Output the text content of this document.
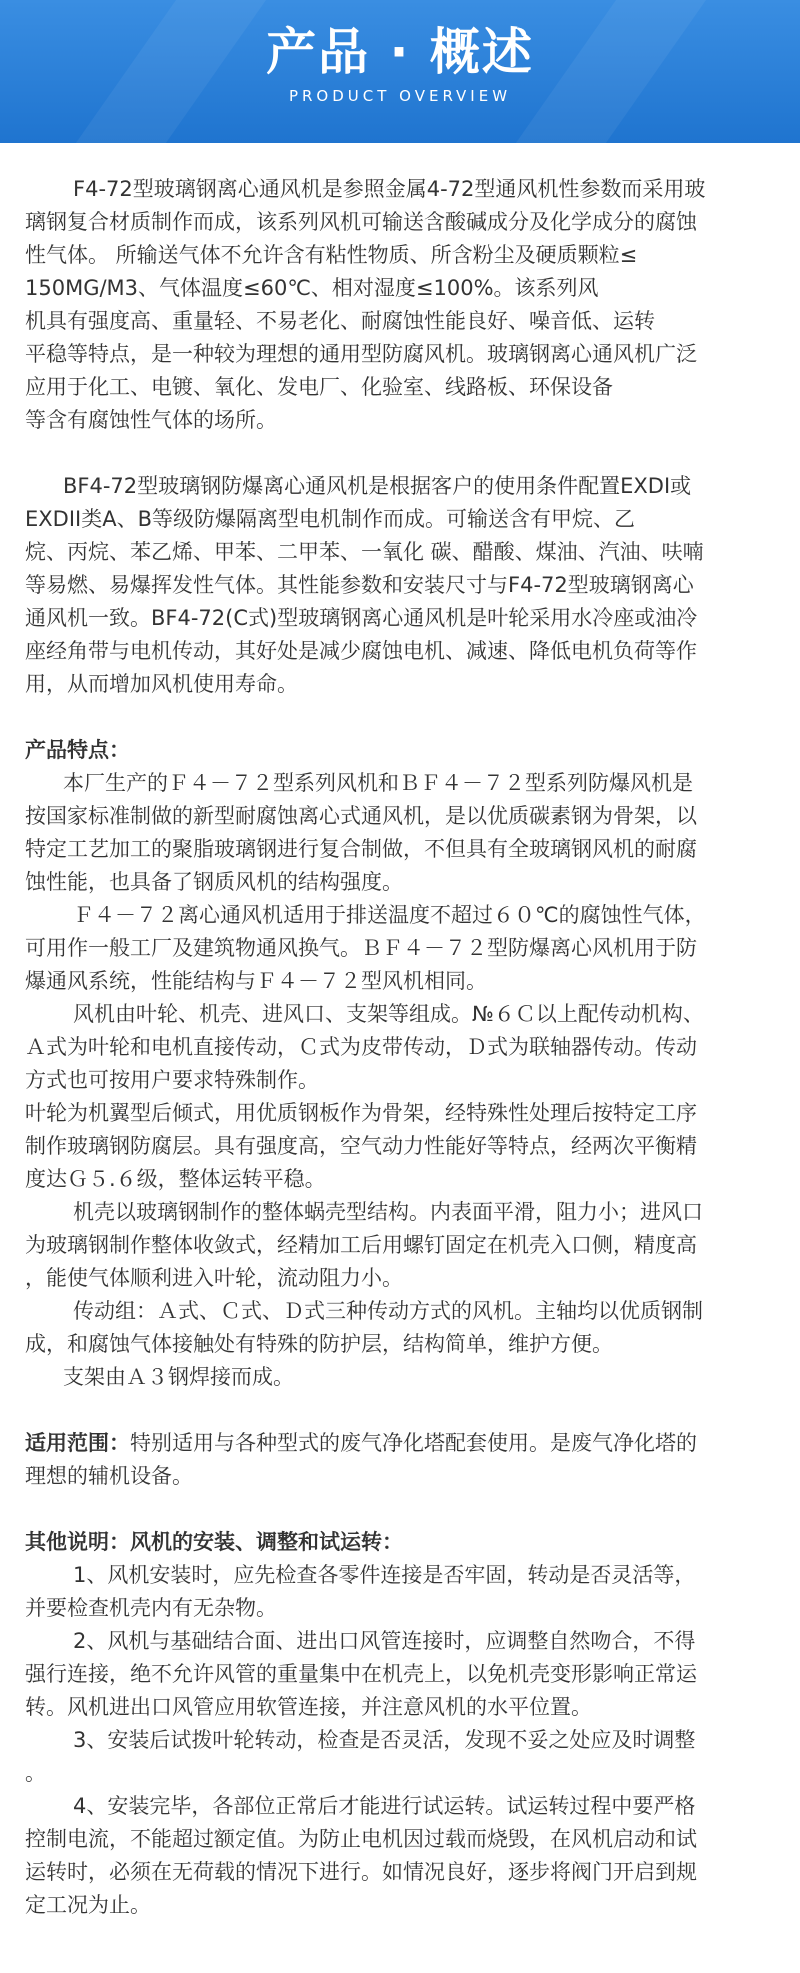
产品 · 概述
PRODUCT OVERVIEW

F4-72型玻璃钢离心通风机是参照金属4-72型通风机性参数而采用玻

璃钢复合材质制作而成，该系列风机可输送含酸碱成分及化学成分的腐蚀

性气体。 所输送气体不允许含有粘性物质、所含粉尘及硬质颗粒≤

150MG/M3、气体温度≤60℃、相对湿度≤100%。该系列风

机具有强度高、重量轻、不易老化、耐腐蚀性能良好、噪音低、运转

平稳等特点，是一种较为理想的通用型防腐风机。玻璃钢离心通风机广泛

应用于化工、电镀、氧化、发电厂、化验室、线路板、环保设备

等含有腐蚀性气体的场所。

BF4-72型玻璃钢防爆离心通风机是根据客户的使用条件配置EXDI或

EXDII类A、B等级防爆隔离型电机制作而成。可输送含有甲烷、乙

烷、丙烷、苯乙烯、甲苯、二甲苯、一氧化 碳、醋酸、煤油、汽油、呋喃

等易燃、易爆挥发性气体。其性能参数和安装尺寸与F4-72型玻璃钢离心

通风机一致。BF4-72(C式)型玻璃钢离心通风机是叶轮采用水冷座或油冷

座经角带与电机传动，其好处是减少腐蚀电机、减速、降低电机负荷等作

用，从而增加风机使用寿命。

产品特点：

本厂生产的Ｆ４－７２型系列风机和ＢＦ４－７２型系列防爆风机是

按国家标准制做的新型耐腐蚀离心式通风机，是以优质碳素钢为骨架，以

特定工艺加工的聚脂玻璃钢进行复合制做，不但具有全玻璃钢风机的耐腐

蚀性能，也具备了钢质风机的结构强度。

Ｆ４－７２离心通风机适用于排送温度不超过６０℃的腐蚀性气体，

可用作一般工厂及建筑物通风换气。ＢＦ４－７２型防爆离心风机用于防

爆通风系统，性能结构与Ｆ４－７２型风机相同。

风机由叶轮、机壳、进风口、支架等组成。№６Ｃ以上配传动机构、

Ａ式为叶轮和电机直接传动，Ｃ式为皮带传动，Ｄ式为联轴器传动。传动

方式也可按用户要求特殊制作。

叶轮为机翼型后倾式，用优质钢板作为骨架，经特殊性处理后按特定工序

制作玻璃钢防腐层。具有强度高，空气动力性能好等特点，经两次平衡精

度达Ｇ５.６级，整体运转平稳。

机壳以玻璃钢制作的整体蜗壳型结构。内表面平滑，阻力小；进风口

为玻璃钢制作整体收敛式，经精加工后用螺钉固定在机壳入口侧，精度高

，能使气体顺利进入叶轮，流动阻力小。

传动组：Ａ式、Ｃ式、Ｄ式三种传动方式的风机。主轴均以优质钢制

成，和腐蚀气体接触处有特殊的防护层，结构简单，维护方便。

支架由Ａ３钢焊接而成。

适用范围：特别适用与各种型式的废气净化塔配套使用。是废气净化塔的

理想的辅机设备。

其他说明：风机的安装、调整和试运转：

1、风机安装时，应先检查各零件连接是否牢固，转动是否灵活等，

并要检查机壳内有无杂物。

2、风机与基础结合面、进出口风管连接时，应调整自然吻合，不得

强行连接，绝不允许风管的重量集中在机壳上，以免机壳变形影响正常运

转。风机进出口风管应用软管连接，并注意风机的水平位置。

3、安装后试拨叶轮转动，检查是否灵活，发现不妥之处应及时调整

。

4、安装完毕，各部位正常后才能进行试运转。试运转过程中要严格

控制电流，不能超过额定值。为防止电机因过载而烧毁，在风机启动和试

运转时，必须在无荷载的情况下进行。如情况良好，逐步将阀门开启到规

定工况为止。
